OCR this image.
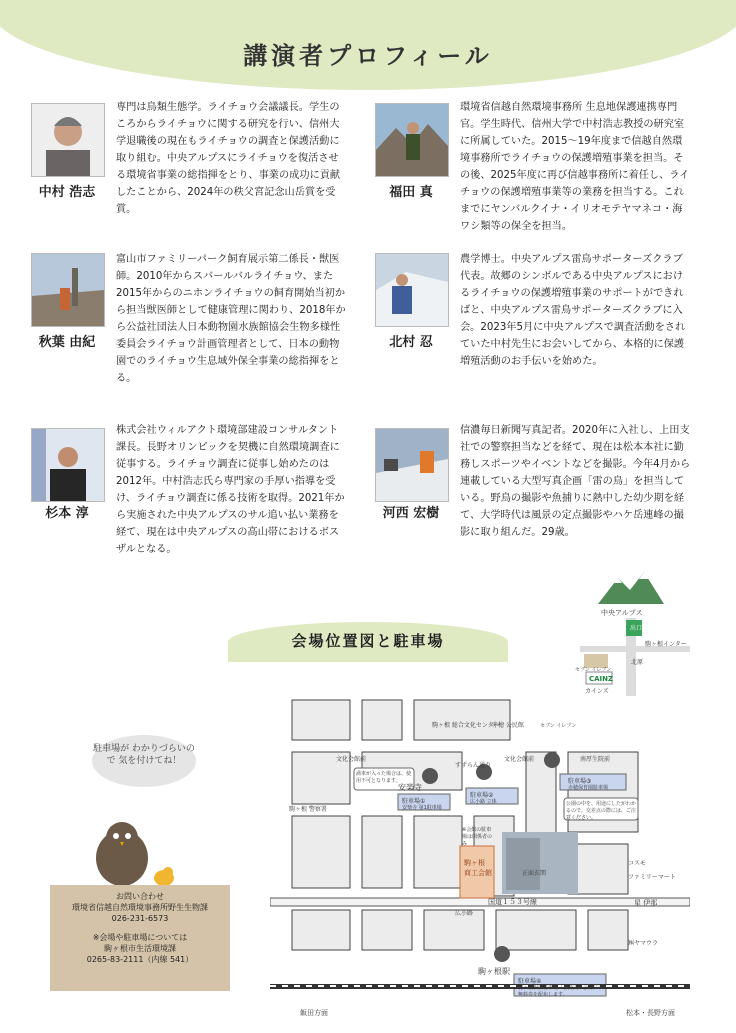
講演者プロフィール
中村 浩志
専門は鳥類生態学。ライチョウ会議議長。学生のころからライチョウに関する研究を行い、信州大学退職後の現在もライチョウの調査と保護活動に取り組む。中央アルプスにライチョウを復活させる環境省事業の総指揮をとり、事業の成功に貢献したことから、2024年の秩父宮記念山岳賞を受賞。
福田 真
環境省信越自然環境事務所 生息地保護連携専門官。学生時代、信州大学で中村浩志教授の研究室に所属していた。2015～19年度まで信越自然環境事務所でライチョウの保護増殖事業を担当。その後、2025年度に再び信越事務所に着任し、ライチョウの保護増殖事業等の業務を担当する。これまでにヤンバルクイナ・イリオモテヤマネコ・海ワシ類等の保全を担当。
秋葉 由紀
富山市ファミリーパーク飼育展示第二係長・獣医師。2010年からスバールバルライチョウ、また2015年からのニホンライチョウの飼育開始当初から担当獣医師として健康管理に関わり、2018年から公益社団法人日本動物園水族館協会生物多様性委員会ライチョウ計画管理者として、日本の動物園でのライチョウ生息域外保全事業の総指揮をとる。
北村 忍
農学博士。中央アルプス雷鳥サポーターズクラブ代表。故郷のシンボルである中央アルプスにおけるライチョウの保護増殖事業のサポートができればと、中央アルプス雷鳥サポーターズクラブに入会。2023年5月に中央アルプスで調査活動をされていた中村先生にお会いしてから、本格的に保護増殖活動のお手伝いを始めた。
杉本 淳
株式会社ウィルアクト環境部建設コンサルタント課長。長野オリンピックを契機に自然環境調査に従事する。ライチョウ調査に従事し始めたのは2012年。中村浩志氏ら専門家の手厚い指導を受け、ライチョウ調査に係る技術を取得。2021年から実施された中央アルプスのサル追い払い業務を経て、現在は中央アルプスの高山帯におけるボスザルとなる。
河西 宏樹
信濃毎日新聞写真記者。2020年に入社し、上田支社での警察担当などを経て、現在は松本本社に勤務しスポーツやイベントなどを撮影。今年4月から連載している大型写真企画「雷の鳥」を担当している。野鳥の撮影や魚捕りに熱中した幼少期を経て、大学時代は風景の定点撮影やハケ岳連峰の撮影に取り組んだ。29歳。
中央アルプス
会場位置図と駐車場
CAINZ
出口
駒ヶ根インター
北原
セブン イレブン
カインズ
駒ヶ根 総合文化センター
赤穂 公民館	セブン イレブン
文化会館前	文化会館前	南厚生院前
すずらん通り
駒ヶ根 警察署
安楽寺
満車が入った場合は、使用不可となります。
公園の中を、用途にしたがわかるので。交差点の際には、ご注意ください。
駐車場①
安楽寺 第1駐車場
駐車場②
広小路 立体
駐車場③
赤穂保育園駐車場
駒ヶ根 商工会館
※会館の駐車場は関係者のみ
正面玄関
国道１５３号線
広小路
コスモ
ファミリーマート
星 伊那
㈱ヤマウラ
駒ヶ根駅
駐車場④
駒ヶ根駅前駐車場（自動式）会場にて無料券を配布します。
飯田方面	松本・長野方面
駐車場が わかりづらいので 気を付けてね！
お問い合わせ
環境省信越自然環境事務所野生生物課
026-231-6573
※会場や駐車場については
駒ヶ根市生活環境課
0265-83-2111（内線 541）
